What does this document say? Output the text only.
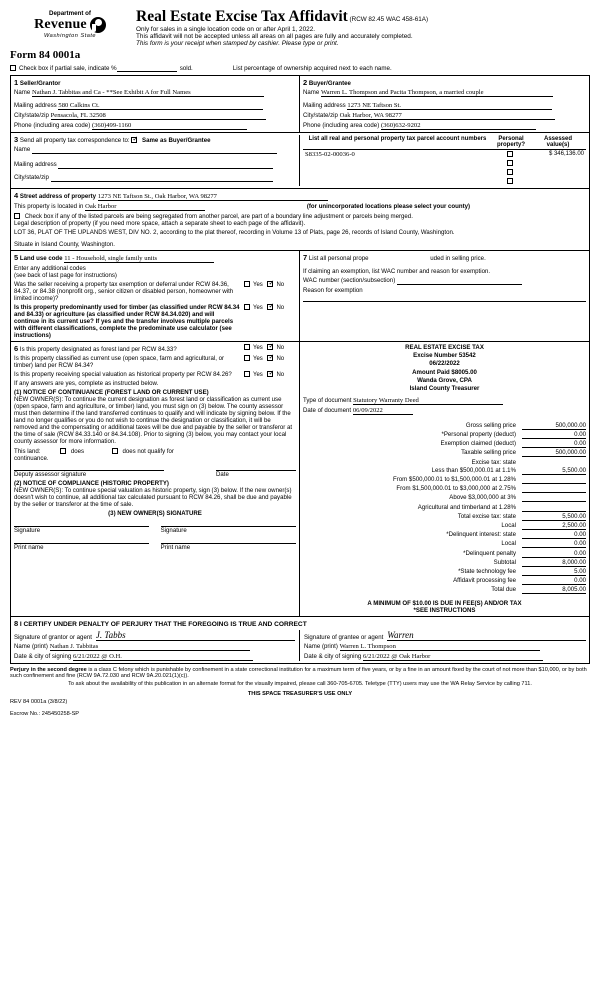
Department of
Revenue
Washington State
Real Estate Excise Tax Affidavit (RCW 82.45 WAC 458-61A)
Only for sales in a single location code on or after April 1, 2022.
This affidavit will not be accepted unless all areas on all pages are fully and accurately completed.
This form is your receipt when stamped by cashier. Please type or print.
Form 84 0001a
Check box if partial sale, indicate %
	sold.	List percentage of ownership acquired next to each name.
1 Seller/Grantor
Name Nathan J. Tabbitas and Ca - **See Exhibit A for Full Names
Mailing address 580 Calkins Ct.
City/state/zip Pensacola, FL 32508
Phone (including area code) (360)499-1160
2 Buyer/Grantee
Name Warren L. Thompson and Pacita Thompson, a married couple
Mailing address 1273 NE Taftson St.
City/state/zip Oak Harbor, WA 98277
Phone (including area code) (360)632-9202
3 Send all property tax correspondence to: ✓ Same as Buyer/Grantee
Name
Mailing address
City/state/zip
List all real and personal property tax parcel account numbers	Personal property?	Assessed value(s)
S8335-02-00036-0		$ 346,136.00

4 Street address of property 1273 NE Taftson St., Oak Harbor, WA 98277
This property is located in Oak Harbor	(for unincorporated locations please select your county)
Check box if any of the listed parcels are being segregated from another parcel, are part of a boundary line adjustment or parcels being merged.
Legal description of property (if you need more space, attach a separate sheet to each page of the affidavit).
LOT 36, PLAT OF THE UPLANDS WEST, DIV NO. 2, according to the plat thereof, recording in Volume 13 of Plats, page 26, records of Island County, Washington.
Situate in Island County, Washington.
5 Land use code 11 - Household, single family units
Enter any additional codes
(see back of last page for instructions)
Was the seller receiving a property tax exemption or deferral under RCW 84.36, 84.37, or 84.38 (nonprofit org., senior citizen or disabled person, homeowner with limited income)?
Yes ✓No
Is this property predominantly used for timber (as classified under RCW 84.34 and 84.33) or agriculture (as classified under RCW 84.34.020) and will continue in its current use? If yes and the transfer involves multiple parcels with different classifications, complete the predominate use calculator (see instructions)
Yes ✓No
7 List all personal prope	uded in selling price.
If claiming an exemption, list WAC number and reason for exemption.
WAC number (section/subsection)
Reason for exemption

6 Is this property designated as forest land per RCW 84.33?	Yes ✓No
Is this property classified as current use (open space, farm and agricultural, or timber) land per RCW 84.34?
Yes ✓No
Is this property receiving special valuation as historical property per RCW 84.26?	Yes ✓No
If any answers are yes, complete as instructed below.
(1) NOTICE OF CONTINUANCE (FOREST LAND OR CURRENT USE)
NEW OWNER(S): To continue the current designation as forest land or classification as current use (open space, farm and agriculture, or timber) land, you must sign on (3) below. The county assessor must then determine if the land transferred continues to qualify and will indicate by signing below. If the land no longer qualifies or you do not wish to continue the designation or classification, it will be removed and the compensating or additional taxes will be due and payable by the seller or transferor at the time of sale (RCW 84.33.140 or 84.34.108). Prior to signing (3) below, you may contact your local county assessor for more information.
This land:	does	does not qualify for
continuance.
Deputy assessor signature	Date
(2) NOTICE OF COMPLIANCE (HISTORIC PROPERTY)
NEW OWNER(S): To continue special valuation as historic property, sign (3) below. If the new owner(s) doesn't wish to continue, all additional tax calculated pursuant to RCW 84.26, shall be due and payable by the seller or transferor at the time of sale.
(3) NEW OWNER(S) SIGNATURE
Signature	Signature
Print name	Print name
REAL ESTATE EXCISE TAX
Excise Number 53542
06/22/2022
Amount Paid $8005.00
Wanda Grove, CPA
Island County Treasurer
Type of document Statutory Warranty Deed
Date of document 06/09/2022
Gross selling price	500,000.00
*Personal property (deduct)	0.00
Exemption claimed (deduct)	0.00
Taxable selling price	500,000.00
Excise tax: state
Less than $500,000.01 at 1.1%	5,500.00
From $500,000.01 to $1,500,000.01 at 1.28%

From $1,500,000.01 to $3,000,000 at 2.75%

Above $3,000,000 at 3%

Agricultural and timberland at 1.28%

Total excise tax: state	5,500.00
Local	2,500.00
*Delinquent interest: state	0.00
Local	0.00
*Delinquent penalty	0.00
Subtotal	8,000.00
*State technology fee	5.00
Affidavit processing fee	0.00
Total due	8,005.00
A MINIMUM OF $10.00 IS DUE IN FEE(S) AND/OR TAX
*SEE INSTRUCTIONS
8 I CERTIFY UNDER PENALTY OF PERJURY THAT THE FOREGOING IS TRUE AND CORRECT
Signature of grantor or agent J. Tabbs
Name (print) Nathan J. Tabbitas
Date & city of signing 6/21/2022 @ O.H.
Signature of grantee or agent Warren
Name (print) Warren L. Thompson
Date & city of signing 6/21/2022 @ Oak Harbor
Perjury in the second degree is a class C felony which is punishable by confinement in a state correctional institution for a maximum term of five years, or by a fine in an amount fixed by the court of not more than $10,000, or by both such confinement and fine (RCW 9A.72.030 and RCW 9A.20.021(1)(c)).
To ask about the availability of this publication in an alternate format for the visually impaired, please call 360-705-6705. Teletype (TTY) users may use the WA Relay Service by calling 711.
THIS SPACE TREASURER'S USE ONLY
REV 84 0001a (3/8/22)
Escrow No.: 245450258-SP
